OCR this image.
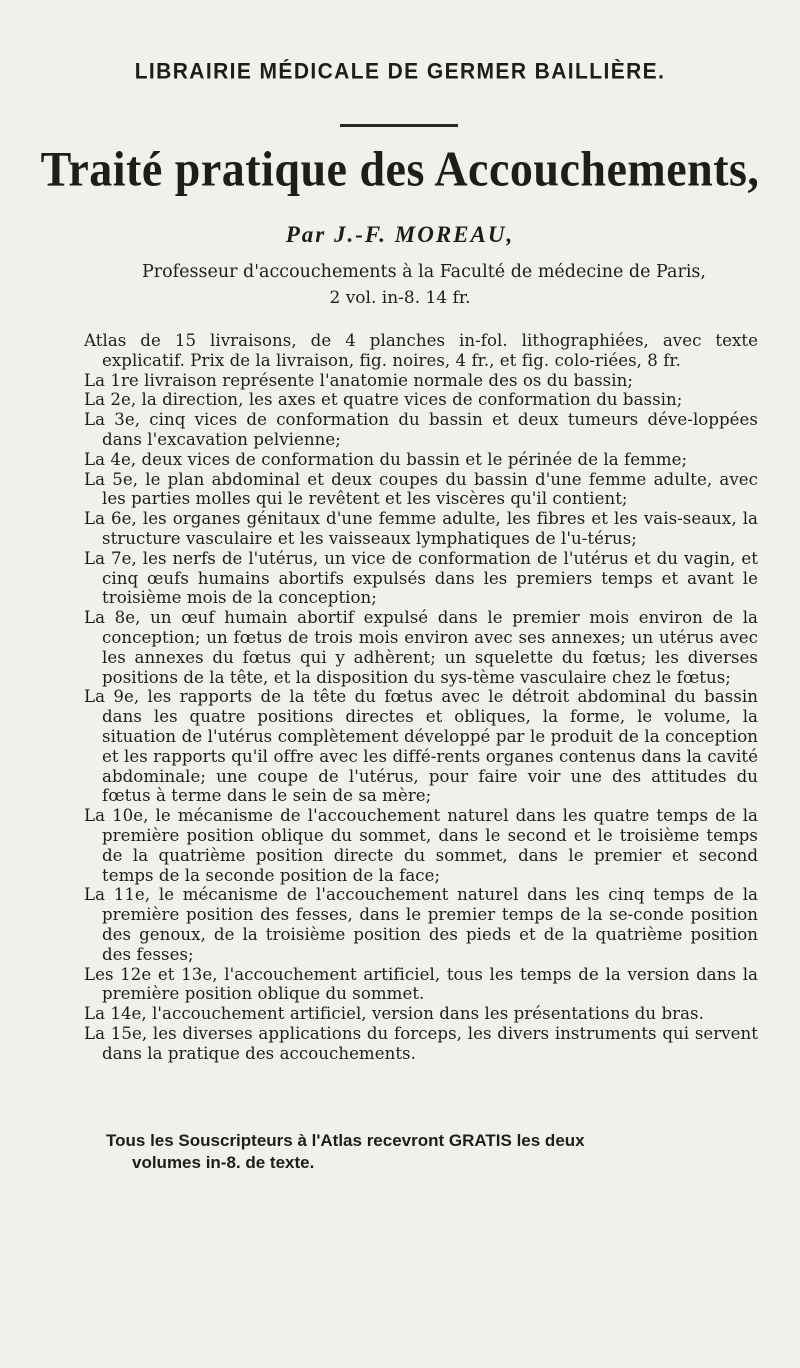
LIBRAIRIE MÉDICALE DE GERMER BAILLIÈRE.
Traité pratique des Accouchements,
Par J.-F. MOREAU,
Professeur d'accouchements à la Faculté de médecine de Paris,
2 vol. in-8. 14 fr.

Atlas de 15 livraisons, de 4 planches in-fol. lithographiées, avec texte explicatif. Prix de la livraison, fig. noires, 4 fr., et fig. colo-riées, 8 fr.

La 1re livraison représente l'anatomie normale des os du bassin;

La 2e, la direction, les axes et quatre vices de conformation du bassin;

La 3e, cinq vices de conformation du bassin et deux tumeurs déve-loppées dans l'excavation pelvienne;

La 4e, deux vices de conformation du bassin et le périnée de la femme;

La 5e, le plan abdominal et deux coupes du bassin d'une femme adulte, avec les parties molles qui le revêtent et les viscères qu'il contient;

La 6e, les organes génitaux d'une femme adulte, les fibres et les vais-seaux, la structure vasculaire et les vaisseaux lymphatiques de l'u-térus;

La 7e, les nerfs de l'utérus, un vice de conformation de l'utérus et du vagin, et cinq œufs humains abortifs expulsés dans les premiers temps et avant le troisième mois de la conception;

La 8e, un œuf humain abortif expulsé dans le premier mois environ de la conception; un fœtus de trois mois environ avec ses annexes; un utérus avec les annexes du fœtus qui y adhèrent; un squelette du fœtus; les diverses positions de la tête, et la disposition du sys-tème vasculaire chez le fœtus;

La 9e, les rapports de la tête du fœtus avec le détroit abdominal du bassin dans les quatre positions directes et obliques, la forme, le volume, la situation de l'utérus complètement développé par le produit de la conception et les rapports qu'il offre avec les diffé-rents organes contenus dans la cavité abdominale; une coupe de l'utérus, pour faire voir une des attitudes du fœtus à terme dans le sein de sa mère;

La 10e, le mécanisme de l'accouchement naturel dans les quatre temps de la première position oblique du sommet, dans le second et le troisième temps de la quatrième position directe du sommet, dans le premier et second temps de la seconde position de la face;

La 11e, le mécanisme de l'accouchement naturel dans les cinq temps de la première position des fesses, dans le premier temps de la se-conde position des genoux, de la troisième position des pieds et de la quatrième position des fesses;

Les 12e et 13e, l'accouchement artificiel, tous les temps de la version dans la première position oblique du sommet.

La 14e, l'accouchement artificiel, version dans les présentations du bras.

La 15e, les diverses applications du forceps, les divers instruments qui servent dans la pratique des accouchements.

Tous les Souscripteurs à l'Atlas recevront GRATIS les deux

volumes in-8. de texte.
